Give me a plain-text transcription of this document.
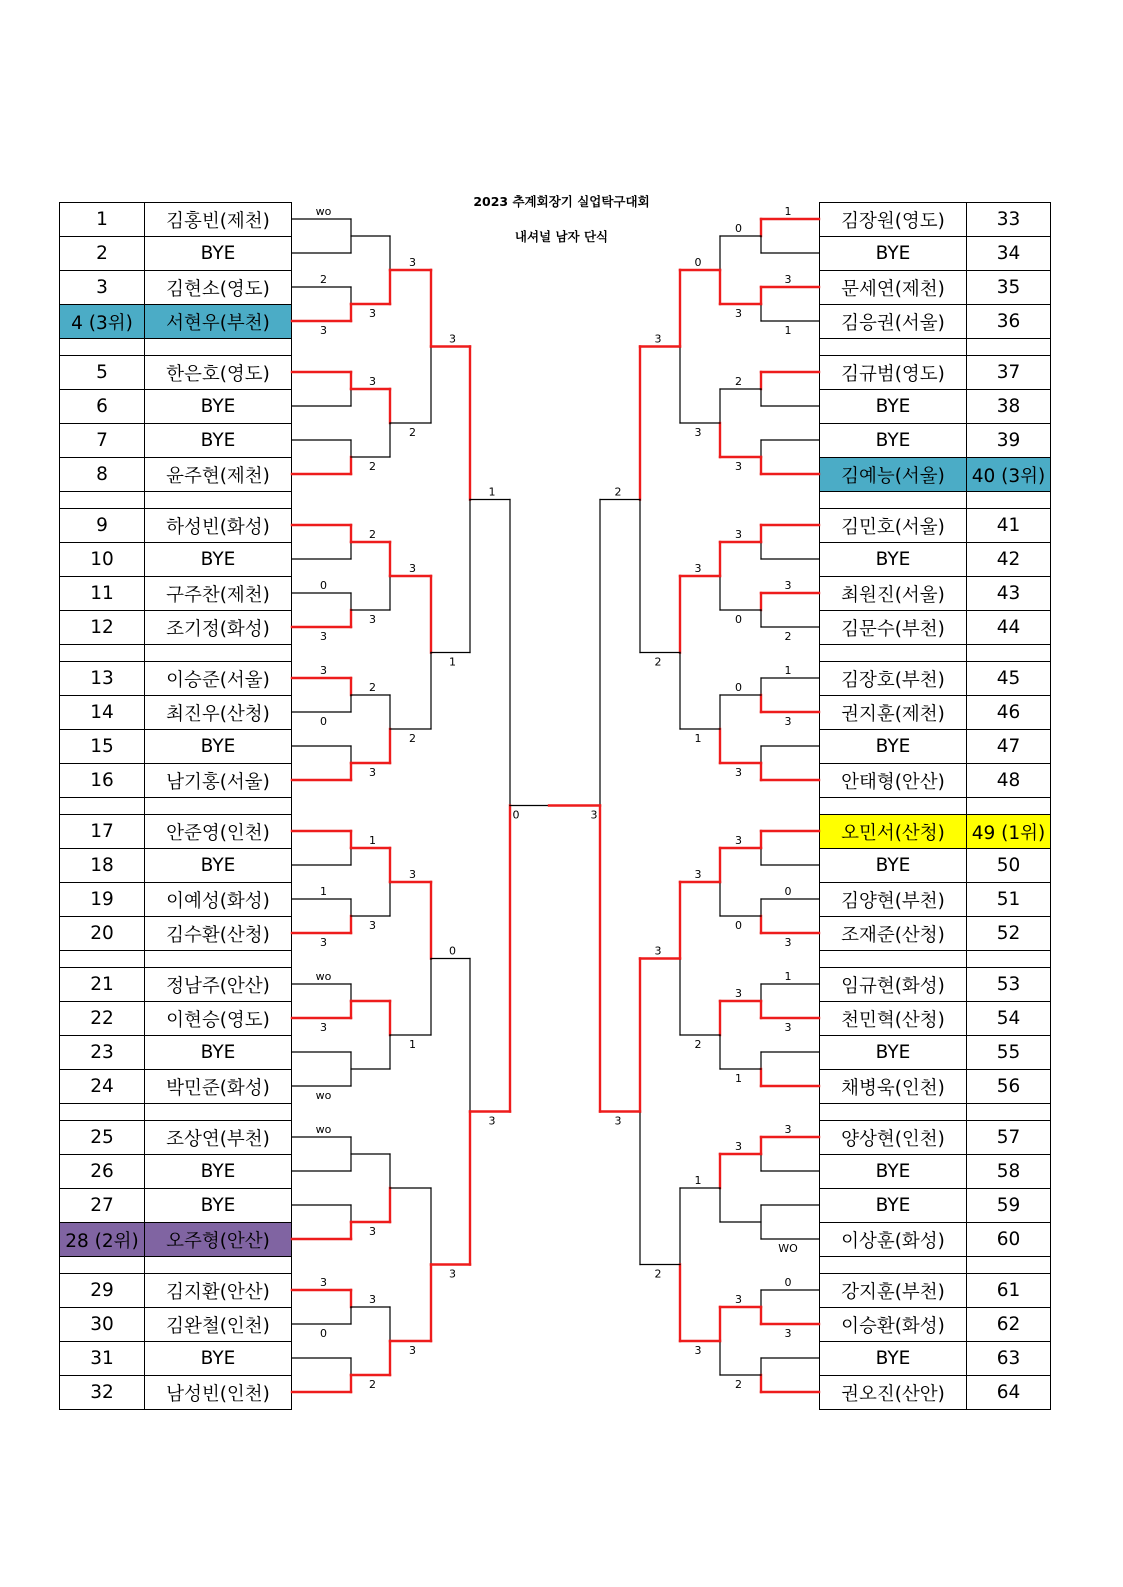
2023 추계회장기 실업탁구대회
내셔널 남자 단식
1	김홍빈(제천)
2	BYE
3	김현소(영도)
4 (3위)	서현우(부천)
5	한은호(영도)
6	BYE
7	BYE
8	윤주현(제천)
9	하성빈(화성)
10	BYE
11	구주찬(제천)
12	조기정(화성)
13	이승준(서울)
14	최진우(산청)
15	BYE
16	남기홍(서울)
17	안준영(인천)
18	BYE
19	이예성(화성)
20	김수환(산청)
21	정남주(안산)
22	이현승(영도)
23	BYE
24	박민준(화성)
25	조상연(부천)
26	BYE
27	BYE
28 (2위)	오주형(안산)
29	김지환(안산)
30	김완철(인천)
31	BYE
32	남성빈(인천)
김장원(영도)	33
BYE	34
문세연(제천)	35
김응권(서울)	36
김규범(영도)	37
BYE	38
BYE	39
김예능(서울)	40 (3위)
김민호(서울)	41
BYE	42
최원진(서울)	43
김문수(부천)	44
김장호(부천)	45
권지훈(제천)	46
BYE	47
안태형(안산)	48
오민서(산청)	49 (1위)
BYE	50
김양현(부천)	51
조재준(산청)	52
임규현(화성)	53
천민혁(산청)	54
BYE	55
채병욱(인천)	56
양상현(인천)	57
BYE	58
BYE	59
이상훈(화성)	60
강지훈(부천)	61
이승환(화성)	62
BYE	63
권오진(산안)	64
wo
2
3
0
3
3
0
1
3
wo
3
wo
wo
3
0
3
3
2
2
3
2
3
1
3
3
3
2
3
2
3
2
3
1
3
3
1
0
3
1
3
1
3
1
3
2
1
3
0
3
1
3
3
WO
0
3
0
3
2
3
3
0
0
3
3
0
3
1
3
3
2
0
3
3
1
3
2
1
3
3
2
3
2
2
3
0	3
